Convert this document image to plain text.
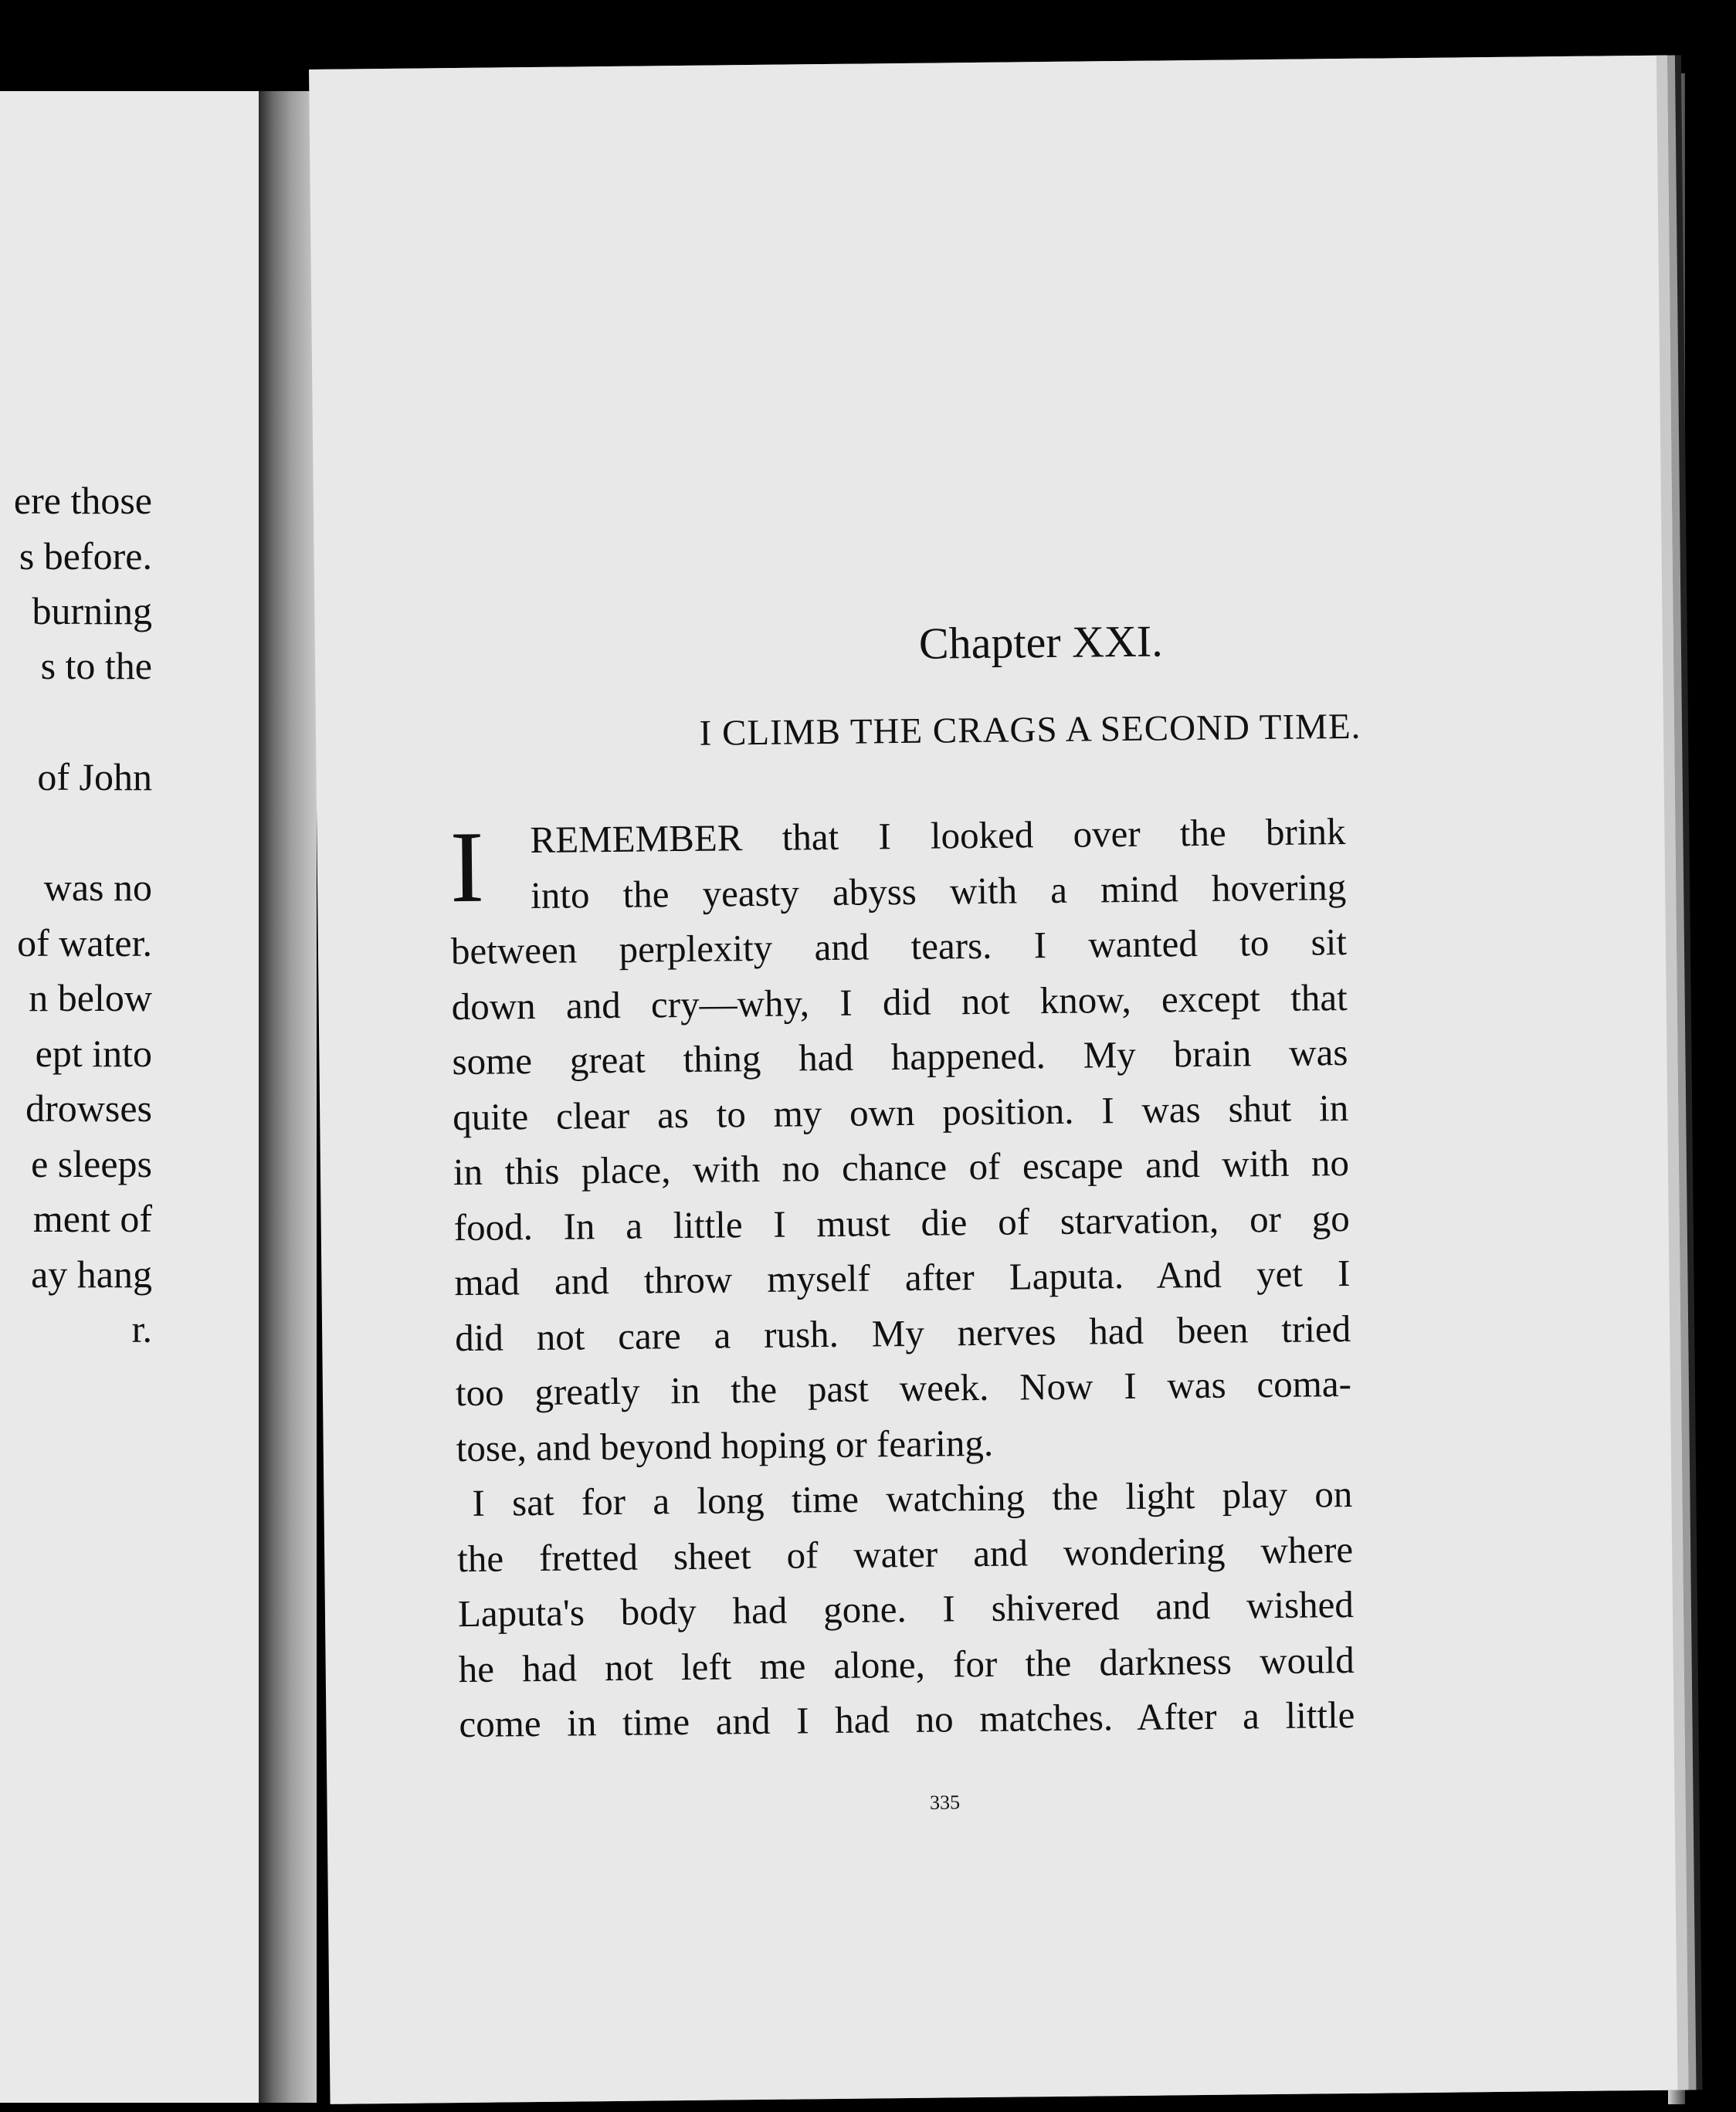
ere those
s before.
burning
s to the
of John
was no
of water.
n below
ept into
drowses
e sleeps
ment of
ay hang
r.
Chapter XXI.
I CLIMB THE CRAGS A SECOND TIME.
I	REMEMBER that I looked over the brink
into the yeasty abyss with a mind hovering
between perplexity and tears. I wanted to sit
down and cry—why, I did not know, except that
some great thing had happened. My brain was
quite clear as to my own position. I was shut in
in this place, with no chance of escape and with no
food. In a little I must die of starvation, or go
mad and throw myself after Laputa. And yet I
did not care a rush. My nerves had been tried
too greatly in the past week. Now I was coma-
tose, and beyond hoping or fearing.
I sat for a long time watching the light play on
the fretted sheet of water and wondering where
Laputa's body had gone. I shivered and wished
he had not left me alone, for the darkness would
come in time and I had no matches. After a little
335
